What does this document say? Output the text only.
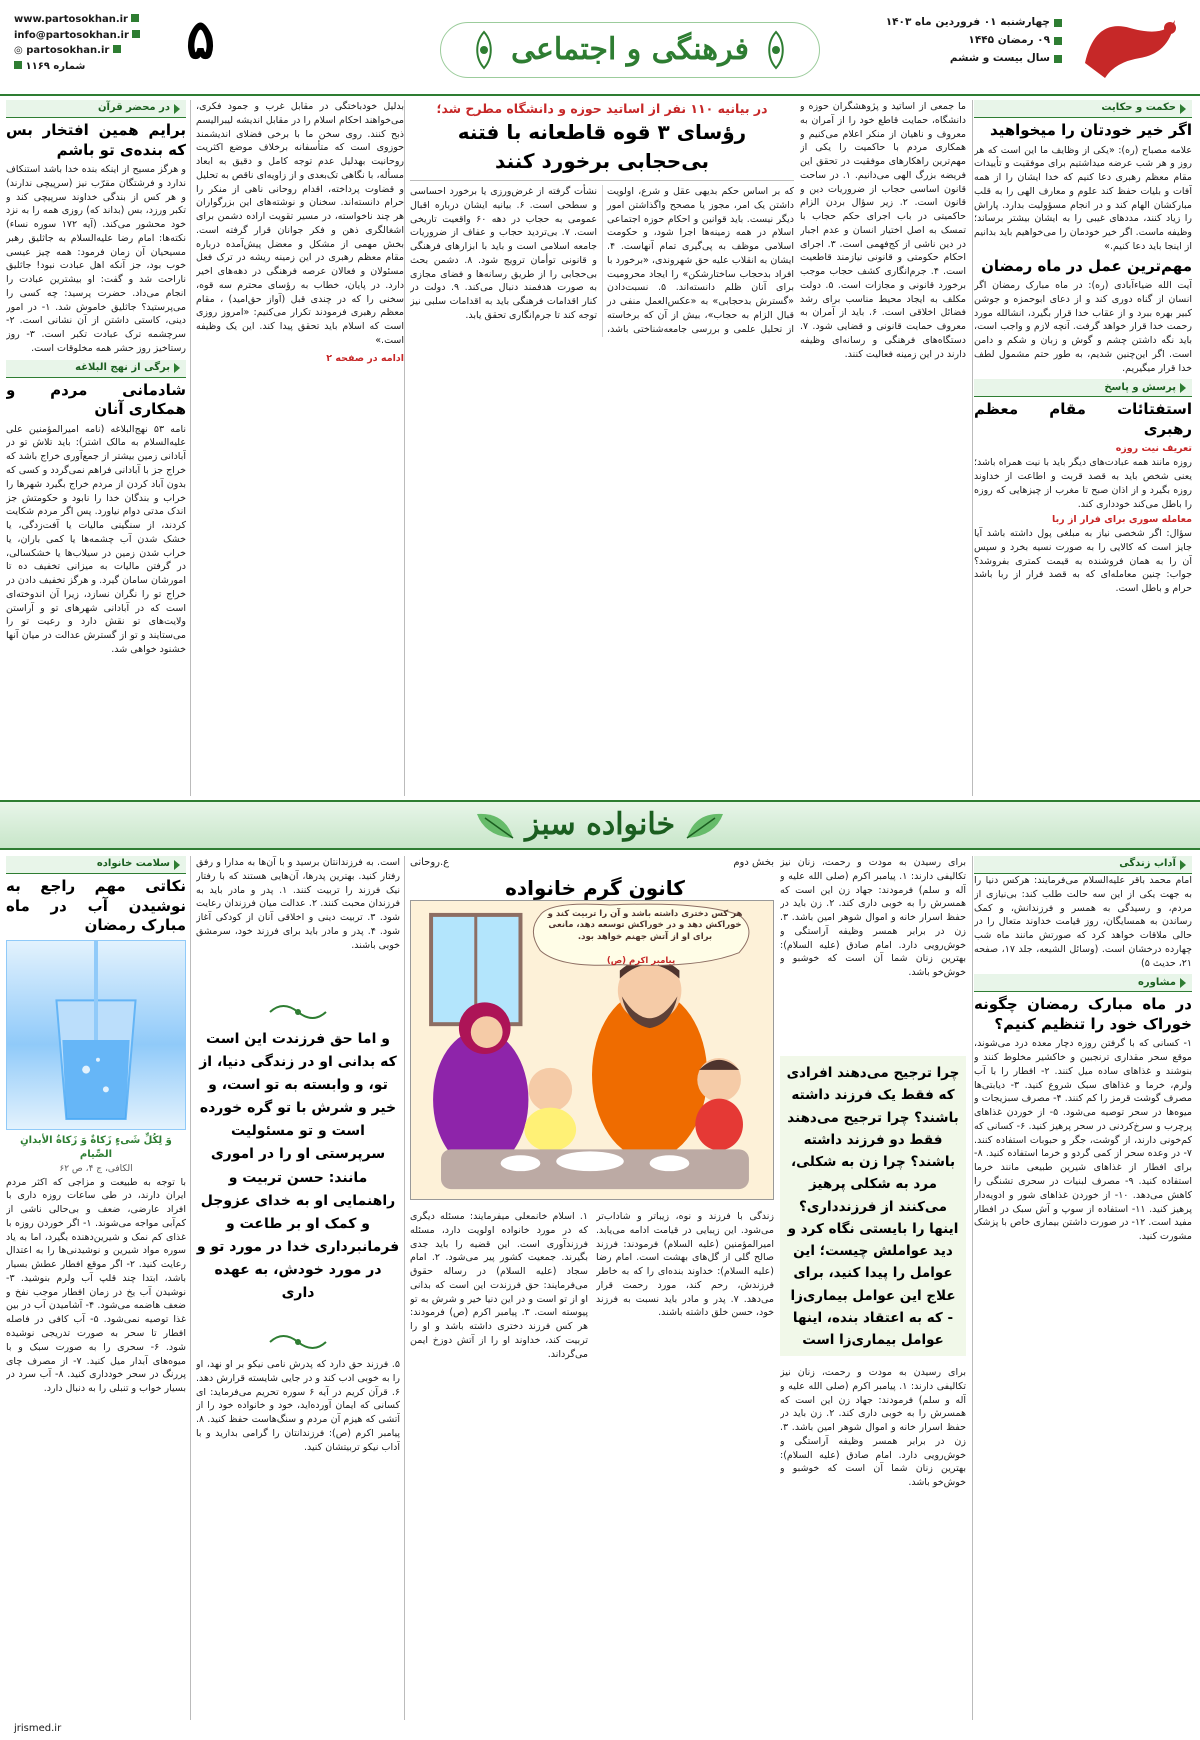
چهارشنبه ۰۱ فروردین ماه ۱۴۰۳
۰۹ رمضان ۱۴۴۵
سال بیست و ششم
فرهنگی و اجتماعی
www.partosokhan.ir
info@partosokhan.ir
◎ partosokhan.ir
شماره ۱۱۶۹	۵
حکمت و حکایت
اگر خیر خودتان را میخواهید

علامه مصباح (ره): «یکی از وظایف ما این است که هر روز و هر شب عرضه میداشتیم برای موفقیت و تأییدات مقام معظم رهبری دعا کنیم که خدا ایشان را از همه آفات و بلیات حفظ کند علوم و معارف الهی را به قلب مبارکشان الهام کند و در انجام مسؤولیت بدارد. پاراش را زیاد کنند، مددهای غیبی را به ایشان بیشتر برساند؛ وظیفه ماست. اگر خیر خودمان را می‌خواهیم باید بدانیم از اینجا باید دعا کنیم.»

مهم‌ترین عمل در ماه رمضان

آیت الله ضیاءآبادی (ره): در ماه مبارک رمضان اگر انسان از گناه دوری کند و از دعای ابوحمزه و جوشن کبیر بهره ببرد و از عقاب خدا قرار بگیرد، انشالله مورد رحمت خدا قرار خواهد گرفت. آنچه لازم و واجب است، باید نگه داشتن چشم و گوش و زبان و شکم و دامن است. اگر این‌چنین شدیم، به طور حتم مشمول لطف خدا قرار میگیریم.

پرسش و پاسخ
استفتائات مقام معظم رهبری
تعریف نیت روزه

روزه مانند همه عبادت‌های دیگر باید با نیت همراه باشد؛ یعنی شخص باید به قصد قربت و اطاعت از خداوند روزه بگیرد و از اذان صبح تا مغرب از چیزهایی که روزه را باطل می‌کند خودداری کند.

معامله سوری برای فرار از ربا

سؤال: اگر شخصی نیاز به مبلغی پول داشته باشد آیا جایز است که کالایی را به صورت نسیه بخرد و سپس آن را به همان فروشنده به قیمت کمتری بفروشد؟ جواب: چنین معامله‌ای که به قصد فرار از ربا باشد حرام و باطل است.

ما جمعی از اساتید و پژوهشگران حوزه و دانشگاه، حمایت قاطع خود را از آمران به معروف و ناهیان از منکر اعلام می‌کنیم و همکاری مردم با حاکمیت را یکی از مهم‌ترین راهکارهای موفقیت در تحقق این فریضه بزرگ الهی می‌دانیم. ۱. در ساحت قانون اساسی حجاب از ضروریات دین و قانون است. ۲. زیر سؤال بردن الزام حاکمیتی در باب اجرای حکم حجاب با تمسک به اصل اختیار انسان و عدم اجبار در دین ناشی از کج‌فهمی است. ۳. اجرای احکام حکومتی و قانونی نیازمند قاطعیت است. ۴. جرم‌انگاری کشف حجاب موجب برخورد قانونی و مجازات است. ۵. دولت مکلف به ایجاد محیط مناسب برای رشد فضائل اخلاقی است. ۶. باید از آمران به معروف حمایت قانونی و قضایی شود. ۷. دستگاه‌های فرهنگی و رسانه‌ای وظیفه دارند در این زمینه فعالیت کنند.

در بیانیه ۱۱۰ نفر از اساتید حوزه و دانشگاه مطرح شد؛
رؤسای ۳ قوه قاطعانه با فتنه بی‌حجابی برخورد کنند

که بر اساس حکم بدیهی عقل و شرع، اولویت داشتن یک امر، مجوز یا مصحح واگذاشتن امور دیگر نیست. باید قوانین و احکام حوزه اجتماعی اسلام در همه زمینه‌ها اجرا شود، و حکومت اسلامی موظف به پی‌گیری تمام آنهاست. ۴. ایشان به انقلاب علیه حق شهروندی، «برخورد با افراد بدحجاب ساختارشکن» را ایجاد محرومیت برای آنان ظلم دانسته‌اند. ۵. نسبت‌دادن «گسترش بدحجابی» به «عکس‌العمل منفی در قبال الزام به حجاب»، بیش از آن که برخاسته از تحلیل علمی و بررسی جامعه‌شناختی باشد، نشأت گرفته از غرض‌ورزی یا برخورد احساسی و سطحی است. ۶. بیانیه ایشان درباره اقبال عمومی به حجاب در دهه ۶۰ واقعیت تاریخی است. ۷. بی‌تردید حجاب و عفاف از ضروریات جامعه اسلامی است و باید با ابزارهای فرهنگی و قانونی توأمان ترویج شود. ۸. دشمن بحث بی‌حجابی را از طریق رسانه‌ها و فضای مجازی به صورت هدفمند دنبال می‌کند. ۹. دولت در کنار اقدامات فرهنگی باید به اقدامات سلبی نیز توجه کند تا جرم‌انگاری تحقق یابد.

بدلیل خودباختگی در مقابل غرب و جمود فکری، می‌خواهند احکام اسلام را در مقابل اندیشه لیبرالیسم ذبح کنند. روی سخن ما با برخی فضلای اندیشمند حوزوی است که متأسفانه برخلاف موضع اکثریت روحانیت بهدلیل عدم توجه کامل و دقیق به ابعاد مسأله، با نگاهی تک‌بعدی و از زاویه‌ای ناقص به تحلیل و قضاوت پرداخته، اقدام روحانی ناهی از منکر را حرام دانسته‌اند. سخنان و نوشته‌های این بزرگواران هر چند ناخواسته، در مسیر تقویت اراده دشمن برای اشغالگری ذهن و فکر جوانان قرار گرفته است. بخش مهمی از مشکل و معضل پیش‌آمده درباره مقام معظم رهبری در این زمینه ریشه در ترک فعل مسئولان و فعالان عرصه فرهنگی در دهه‌های اخیر دارد. در پایان، خطاب به رؤسای محترم سه قوه، سخنی را که در چندی قبل (آواز حق‌امید) ، مقام معظم رهبری فرمودند تکرار می‌کنیم: «امروز روزی است که اسلام باید تحقق پیدا کند. این یک وظیفه است.»

ادامه در صفحه ۲
در محضر قرآن
برایم همین افتخار بس که بنده‌ی تو باشم

و هرگز مسیح از اینکه بنده خدا باشد استنکاف ندارد و فرشتگان مقرّب نیز (سرپیچی ندارند) و هر کس از بندگی خداوند سرپیچی کند و تکبر ورزد، بس (بداند که) روزی همه را به نزد خود محشور می‌کند. (آیه ۱۷۲ سوره نساء) نکته‌ها: امام رضا علیه‌السلام به جاثلیق رهبر مسیحیان آن زمان فرمود: همه چیز عیسی خوب بود، جز آنکه اهل عبادت نبود! جاثلیق ناراحت شد و گفت: او بیشترین عبادت را انجام می‌داد. حضرت پرسید: چه کسی را می‌پرستید؟ جاثلیق خاموش شد. ۱- در امور دینی، کاستی داشتن از آن نشانی است. ۲- سرچشمه ترک عبادت تکبر است. ۳- روز رستاخیز روز حشر همه مخلوقات است.

برگی از نهج البلاغه
شادمانی مردم و همکاری آنان

نامه ۵۳ نهج‌البلاغه (نامه امیرالمؤمنین علی علیه‌السلام به مالک اشتر): باید تلاش تو در آبادانی زمین بیشتر از جمع‌آوری خراج باشد که خراج جز با آبادانی فراهم نمی‌گردد و کسی که بدون آباد کردن از مردم خراج بگیرد شهرها را خراب و بندگان خدا را نابود و حکومتش جز اندک مدتی دوام نیاورد. پس اگر مردم شکایت کردند، از سنگینی مالیات یا آفت‌زدگی، یا خشک شدن آب چشمه‌ها یا کمی باران، یا خراب شدن زمین در سیلاب‌ها یا خشکسالی، در گرفتن مالیات به میزانی تخفیف ده تا امورشان سامان گیرد. و هرگز تخفیف دادن در خراج تو را نگران نسازد، زیرا آن اندوخته‌ای است که در آبادانی شهرهای تو و آراستن ولایت‌های تو نقش دارد و رعیت تو را می‌ستایند و تو از گسترش عدالت در میان آنها خشنود خواهی شد.

خانواده سبز
آداب زندگی

امام محمد باقر علیه‌السلام می‌فرمایند: هرکس دنیا را به جهت یکی از این سه حالت طلب کند: بی‌نیازی از مردم، و رسیدگی به همسر و فرزندانش، و کمک رساندن به همسایگان، روز قیامت خداوند متعال را در حالی ملاقات خواهد کرد که صورتش مانند ماه شب چهارده درخشان است. (وسائل الشیعه، جلد ۱۷، صفحه ۲۱، حدیث ۵)

مشاوره
در ماه مبارک رمضان چگونه خوراک خود را تنظیم کنیم؟

۱- کسانی که با گرفتن روزه دچار معده درد می‌شوند، موقع سحر مقداری ترنجبین و خاکشیر مخلوط کنند و بنوشند و غذاهای ساده میل کنند. ۲- افطار را با آب ولرم، خرما و غذاهای سبک شروع کنید. ۳- دیابتی‌ها مصرف گوشت قرمز را کم کنند. ۴- مصرف سبزیجات و میوه‌ها در سحر توصیه می‌شود. ۵- از خوردن غذاهای پرچرب و سرخ‌کردنی در سحر پرهیز کنید. ۶- کسانی که کم‌خونی دارند، از گوشت، جگر و حبوبات استفاده کنند. ۷- در وعده سحر از کمی گردو و خرما استفاده کنید. ۸- برای افطار از غذاهای شیرین طبیعی مانند خرما استفاده کنید. ۹- مصرف لبنیات در سحری تشنگی را کاهش می‌دهد. ۱۰- از خوردن غذاهای شور و ادویه‌دار پرهیز کنید. ۱۱- استفاده از سوپ و آش سبک در افطار مفید است. ۱۲- در صورت داشتن بیماری خاص با پزشک مشورت کنید.

برای رسیدن به مودت و رحمت، زنان نیز تکالیفی دارند: ۱. پیامبر اکرم (صلی الله علیه و آله و سلم) فرمودند: جهاد زن این است که همسرش را به خوبی داری کند. ۲. زن باید در حفظ اسرار خانه و اموال شوهر امین باشد. ۳. زن در برابر همسر وظیفه آراستگی و خوش‌رویی دارد. امام صادق (علیه السلام): بهترین زنان شما آن است که خوشبو و خوش‌خو باشد.

بخش دوم
ع.روحانی
کانون گرم خانواده
هر کس دختری داشته باشد و آن را تربیت کند و خوراکش دهد و در خوراکش توسعه دهد، مانعی برای او از آتش جهنم خواهد بود.
پیامبر اکرم (ص)
چرا ترجیح می‌دهند افرادی که فقط یک فرزند داشته باشند؟ چرا ترجیح می‌دهند فقط دو فرزند داشته باشند؟ چرا زن به شکلی، مرد به شکلی پرهیز می‌کنند از فرزندداری؟ اینها را بایستی نگاه کرد و دید عواملش چیست؛ این عوامل را پیدا کنید، برای علاج این عوامل بیماری‌زا - که به اعتقاد بنده، اینها عوامل بیماری‌زا است

۱. اسلام خانمعلی میفرمایند: مسئله دیگری که در مورد خانواده اولویت دارد، مسئله فرزندآوری است. این قضیه را باید جدی بگیرند. جمعیت کشور پیر می‌شود. ۲. امام سجاد (علیه السلام) در رساله حقوق می‌فرمایند: حق فرزندت این است که بدانی او از تو است و در این دنیا خیر و شرش به تو پیوسته است. ۳. پیامبر اکرم (ص) فرمودند: هر کس فرزند دختری داشته باشد و او را تربیت کند، خداوند او را از آتش دوزخ ایمن می‌گرداند.

زندگی با فرزند و نوه، زیباتر و شاداب‌تر می‌شود. این زیبایی در قیامت ادامه می‌یابد. امیرالمؤمنین (علیه السلام) فرمودند: فرزند صالح گلی از گل‌های بهشت است. امام رضا (علیه السلام): خداوند بنده‌ای را که به خاطر فرزندش، رحم کند، مورد رحمت قرار می‌دهد. ۷. پدر و مادر باید نسبت به فرزند خود، حسن خلق داشته باشند.

برای رسیدن به مودت و رحمت، زنان نیز تکالیفی دارند: ۱. پیامبر اکرم (صلی الله علیه و آله و سلم) فرمودند: جهاد زن این است که همسرش را به خوبی داری کند. ۲. زن باید در حفظ اسرار خانه و اموال شوهر امین باشد. ۳. زن در برابر همسر وظیفه آراستگی و خوش‌رویی دارد. امام صادق (علیه السلام): بهترین زنان شما آن است که خوشبو و خوش‌خو باشد.

است. به فرزندانتان برسید و با آن‌ها به مدارا و رفق رفتار کنید. بهترین پدرها، آن‌هایی هستند که با رفتار نیک فرزند را تربیت کنند. ۱. پدر و مادر باید به فرزندان محبت کنند. ۲. عدالت میان فرزندان رعایت شود. ۳. تربیت دینی و اخلاقی آنان از کودکی آغاز شود. ۴. پدر و مادر باید برای فرزند خود، سرمشق خوبی باشند.

و اما حق فرزندت این است که بدانی او در زندگی دنیا، از تو، و وابسته به تو است، و خیر و شرش با تو گره خورده است و تو مسئولیت سرپرستی او را در اموری مانند: حسن تربیت و راهنمایی او به خدای عزوجل و کمک او بر طاعت و فرمانبرداری خدا در مورد تو و در مورد خودش، به عهده داری

۵. فرزند حق دارد که پدرش نامی نیکو بر او نهد، او را به خوبی ادب کند و در جایی شایسته قرارش دهد. ۶. قرآن کریم در آیه ۶ سوره تحریم می‌فرماید: ای کسانی که ایمان آورده‌اید، خود و خانواده خود را از آتشی که هیزم آن مردم و سنگ‌هاست حفظ کنید. ۸. پیامبر اکرم (ص): فرزندانتان را گرامی بدارید و با آداب نیکو تربیتشان کنید.

سلامت خانواده
نکاتی مهم راجع به نوشیدن آب در ماه مبارک رمضان
وَ لِکُلِّ شَیءٍ زَکاةٌ وَ زَکاةُ الأبدانِ الصِّیام
الکافی، ج ۴، ص ۶۲

با توجه به طبیعت و مزاجی که اکثر مردم ایران دارند، در طی ساعات روزه داری با افراد عارضی، ضعف و بی‌حالی ناشی از کم‌آبی مواجه می‌شوند. ۱- اگر خوردن روزه با غذای کم نمک و شیرین‌دهنده بگیرد، اما به یاد سوره مواد شیرین و نوشیدنی‌ها را به اعتدال رعایت کنید. ۲- اگر موقع افطار عطش بسیار باشد، ابتدا چند قلپ آب ولرم بنوشید. ۳- نوشیدن آب یخ در زمان افطار موجب نفخ و ضعف هاضمه می‌شود. ۴- آشامیدن آب در بین غذا توصیه نمی‌شود. ۵- آب کافی در فاصله افطار تا سحر به صورت تدریجی نوشیده شود. ۶- سحری را به صورت سبک و با میوه‌های آبدار میل کنید. ۷- از مصرف چای پررنگ در سحر خودداری کنید. ۸- آب سرد در بسیار خواب و تنبلی را به دنبال دارد.

jrismed.ir
